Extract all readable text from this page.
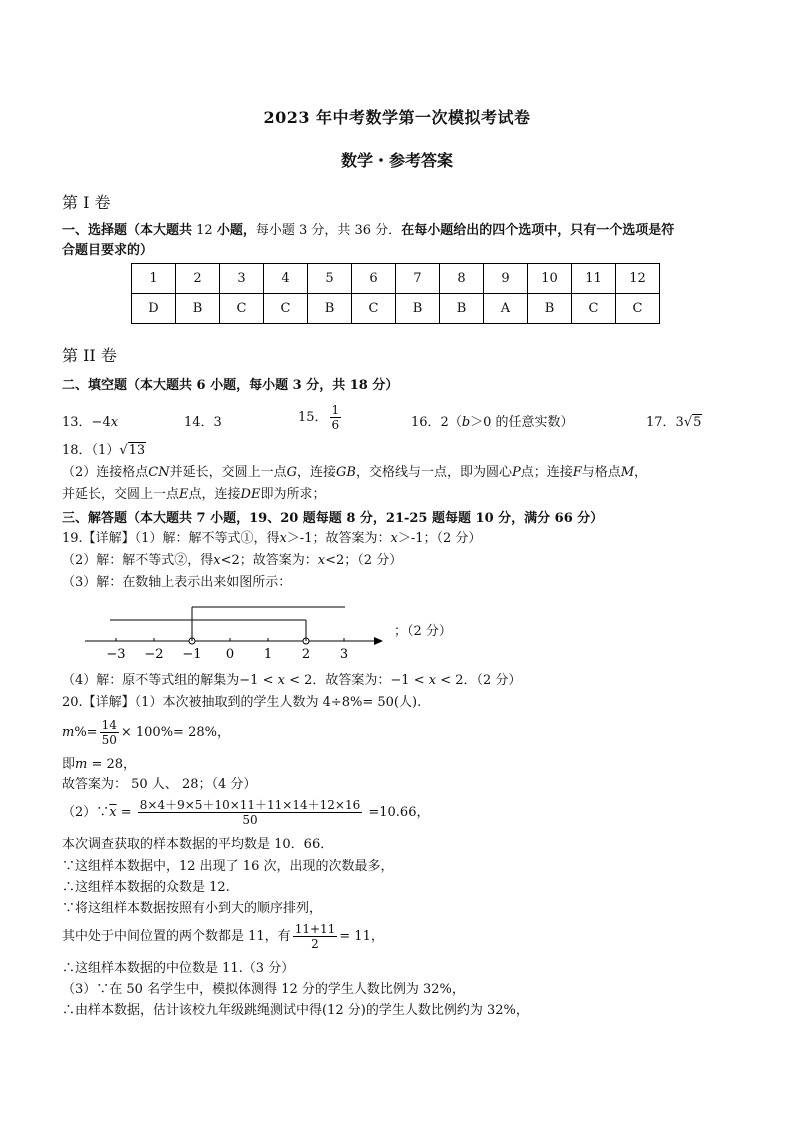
2023 年中考数学第一次模拟考试卷
数学・参考答案
第 I 卷
一、选择题（本大题共 12 小题，每小题 3 分，共 36 分．在每小题给出的四个选项中，只有一个选项是符
合题目要求的）
1	2	3	4	5	6	7	8	9	10	11	12
D	B	C	C	B	C	B	B	A	B	C	C
第 II 卷
二、填空题（本大题共 6 小题，每小题 3 分，共 18 分）
13．−4x	14．3	15． $\frac{1}{6}$	16．2（b＞0 的任意实数）	17．3√5
18．（1）√13
（2）连接格点CN并延长，交圆上一点G，连接GB，交格线与一点，即为圆心P点；连接F与格点M，
并延长，交圆上一点E点，连接DE即为所求；
三、解答题（本大题共 7 小题，19、20 题每题 8 分，21-25 题每题 10 分，满分 66 分）
19.【详解】（1）解：解不等式①，得x＞-1；故答案为：x＞-1；（2 分）
（2）解：解不等式②，得x<2；故答案为：x<2；（2 分）
（3）解：在数轴上表示出来如图所示：
−3 −2 −1 0 1 2 3
；（2 分）
（4）解：原不等式组的解集为−1 < x < 2．故答案为：−1 < x < 2．（2 分）
20.【详解】（1）本次被抽取到的学生人数为 4÷8%= 50(人).
$m\%= \frac{14}{50} \times 100\%= 28\%$，
即m = 28，
故答案为： 50 人、 28；（4 分）
$(2)\because\overline{x} = \frac{8\times 4+9\times 5+10\times 11+11\times 14+12\times 16}{50} =10.66$，
本次调查获取的样本数据的平均数是 10．66．
∵这组样本数据中，12 出现了 16 次，出现的次数最多，
∴这组样本数据的众数是 12.
∵将这组样本数据按照有小到大的顺序排列，
其中处于中间位置的两个数都是 11，有 $\frac{11+11}{2} = 11$，
∴这组样本数据的中位数是 11.（3 分）
（3）∵在 50 名学生中，模拟体测得 12 分的学生人数比例为 32%，
∴由样本数据，估计该校九年级跳绳测试中得(12 分)的学生人数比例约为 32%，
